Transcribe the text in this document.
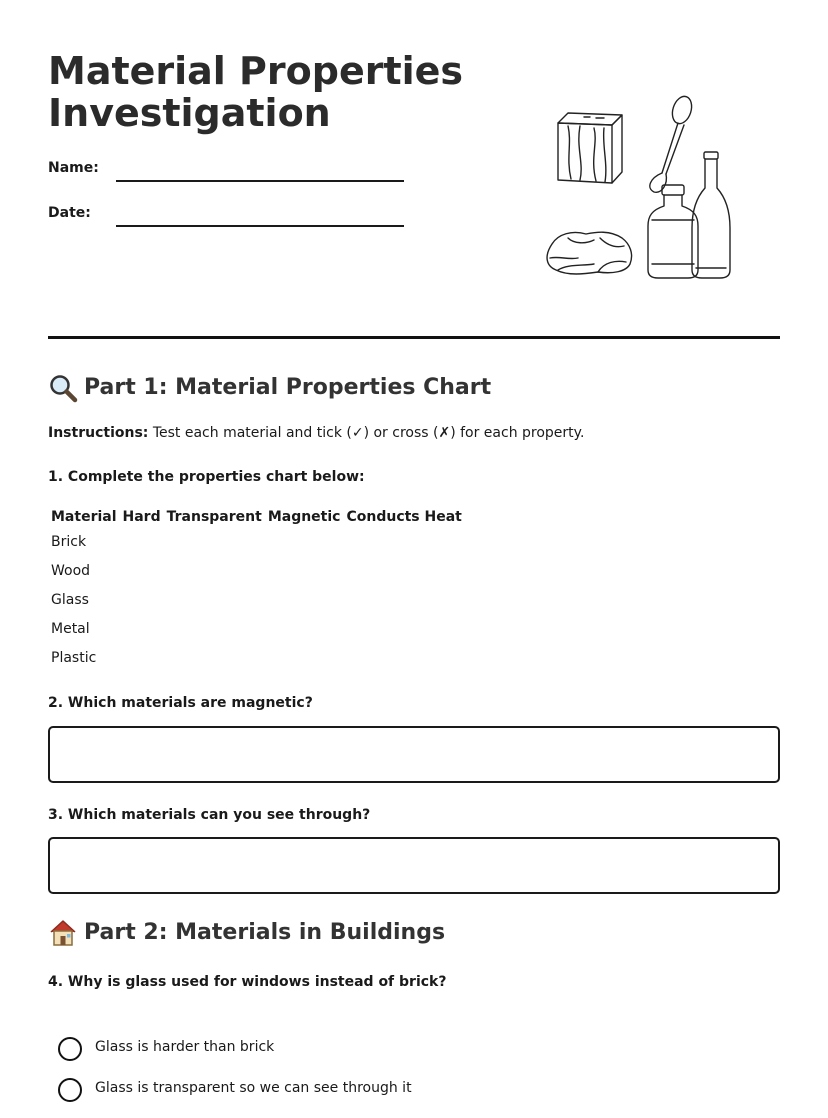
Material Properties Investigation
Name:
Date:
Part 1: Material Properties Chart

Instructions: Test each material and tick (✓) or cross (✗) for each property.

1. Complete the properties chart below:

Material	Hard	Transparent	Magnetic	Conducts Heat
Brick				
Wood				
Glass				
Metal				
Plastic				

2. Which materials are magnetic?

3. Which materials can you see through?

Part 2: Materials in Buildings

4. Why is glass used for windows instead of brick?

Glass is harder than brick
Glass is transparent so we can see through it
